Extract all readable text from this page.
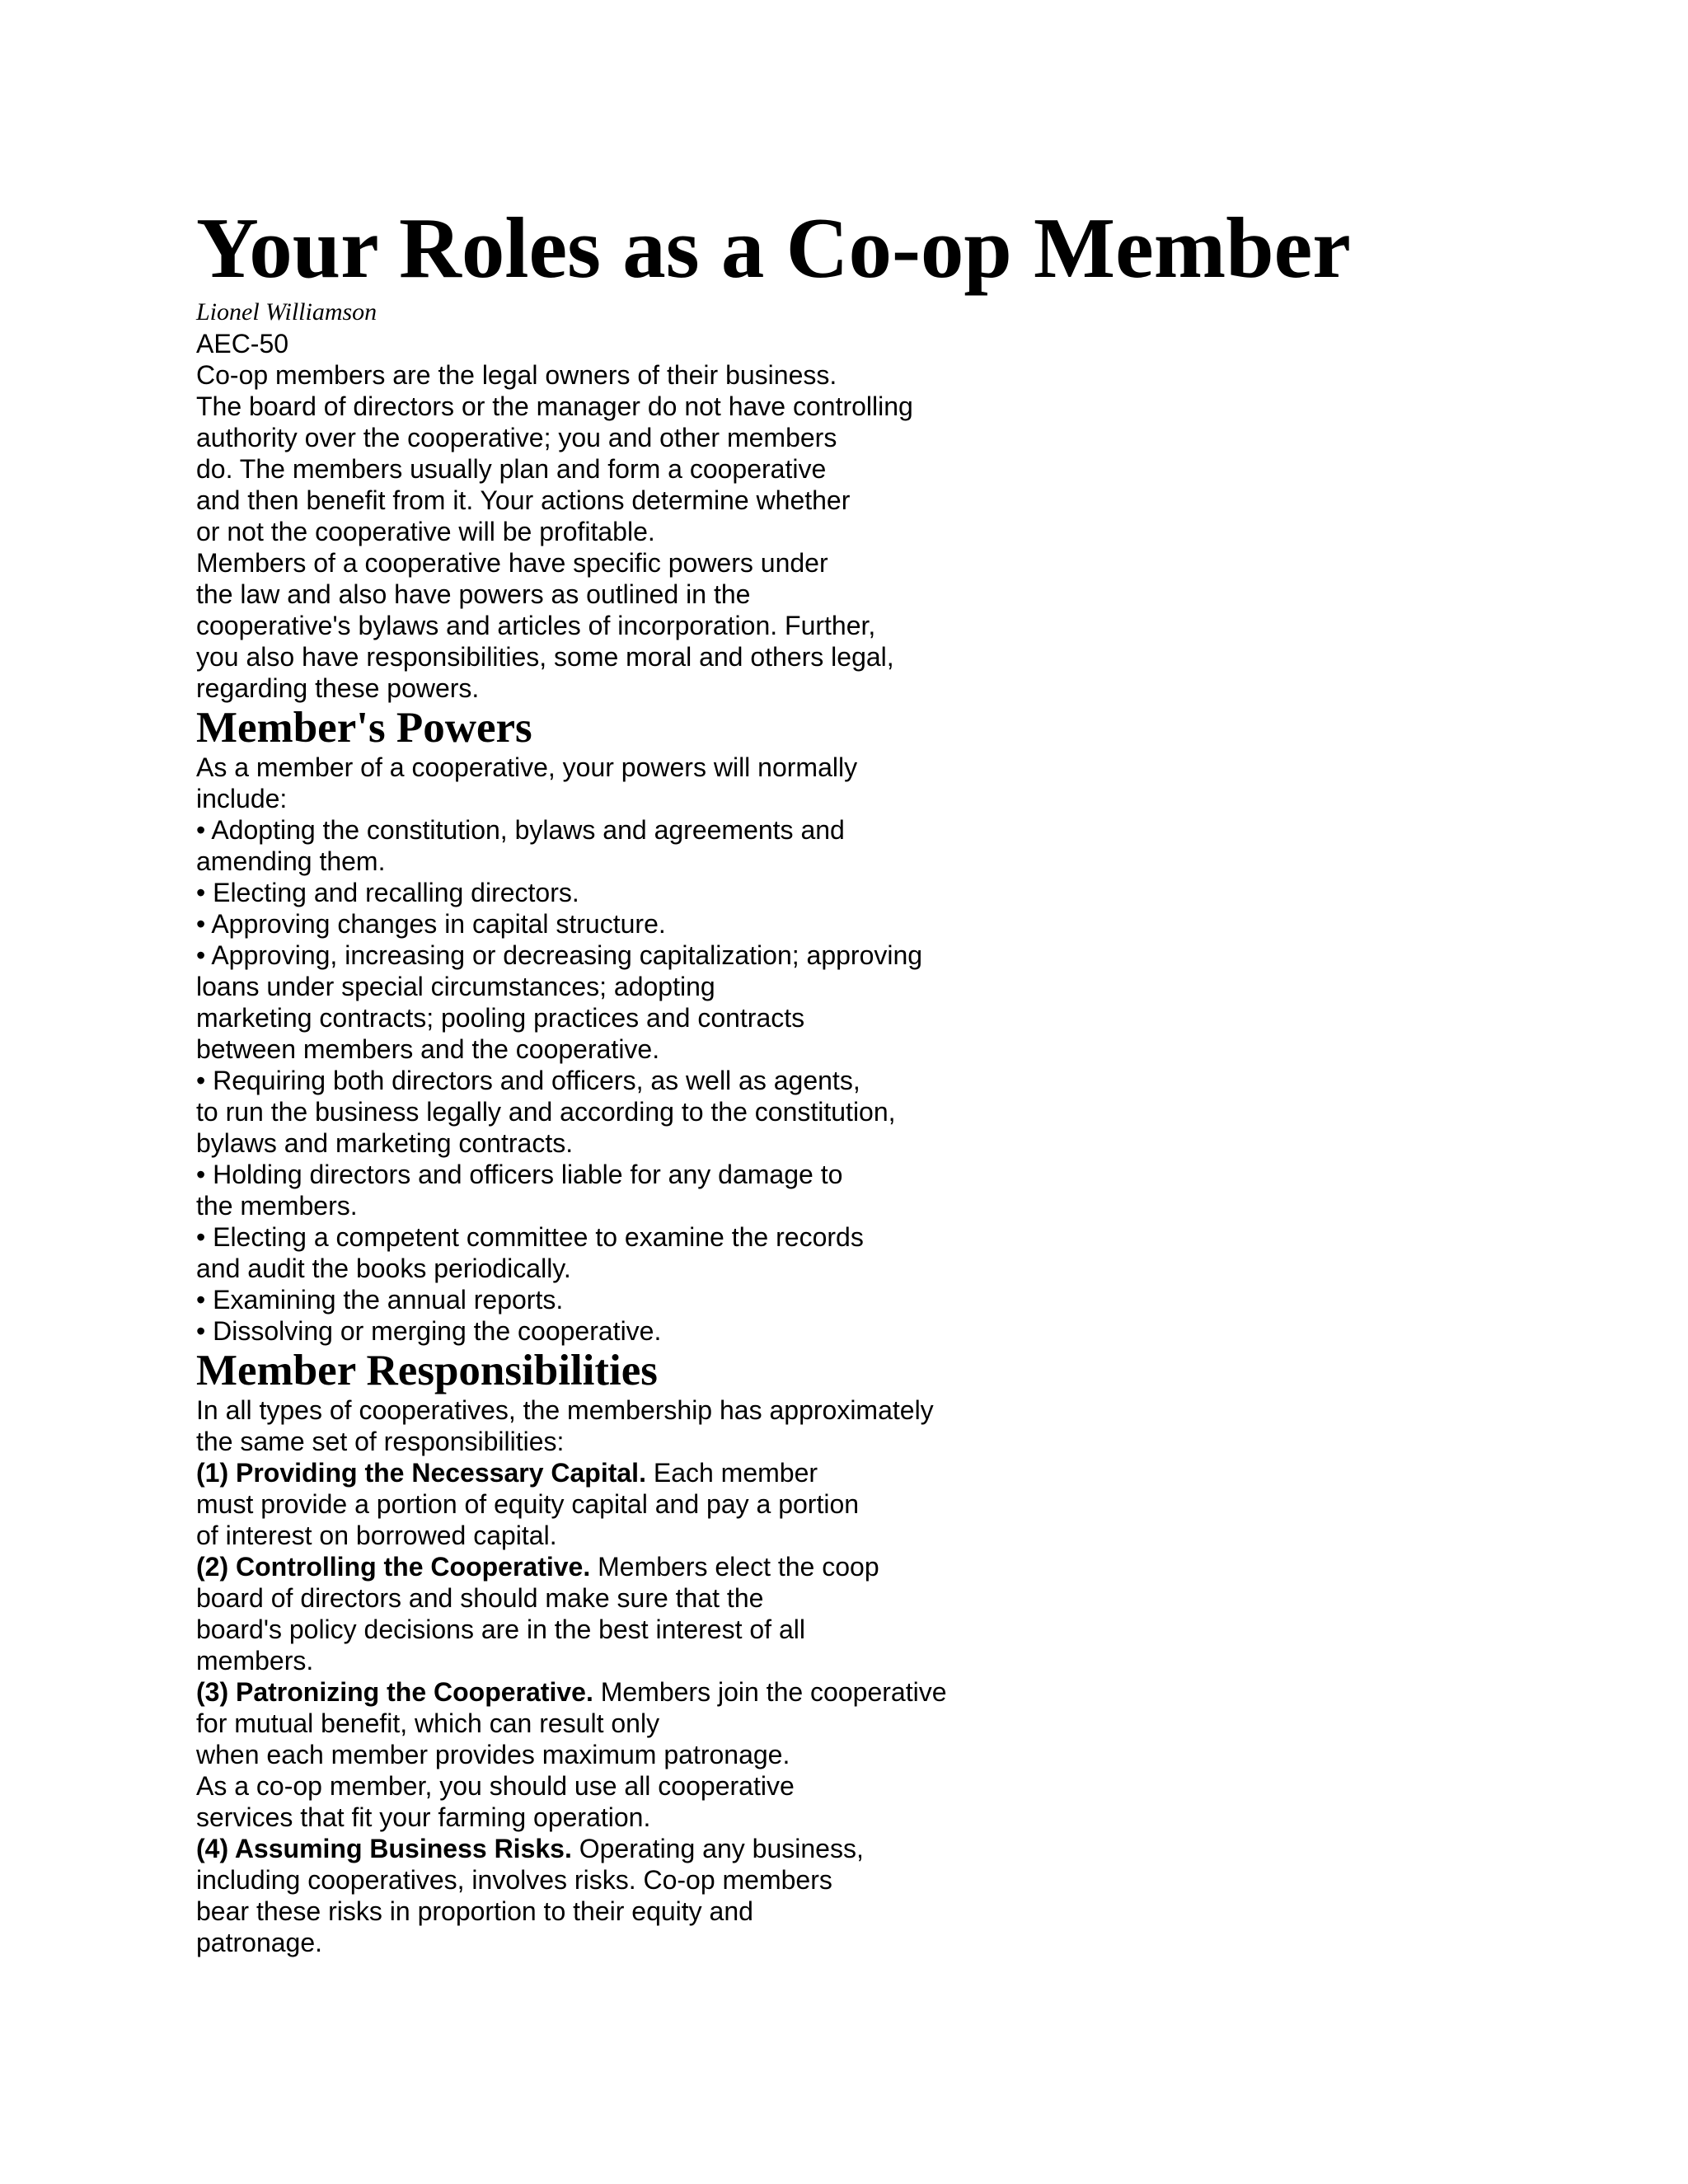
Your Roles as a Co-op Member

Lionel Williamson

AEC-50

Co-op members are the legal owners of their business.

The board of directors or the manager do not have controlling

authority over the cooperative; you and other members

do. The members usually plan and form a cooperative

and then benefit from it. Your actions determine whether

or not the cooperative will be profitable.

Members of a cooperative have specific powers under

the law and also have powers as outlined in the

cooperative's bylaws and articles of incorporation. Further,

you also have responsibilities, some moral and others legal,

regarding these powers.

Member's Powers

As a member of a cooperative, your powers will normally

include:

• Adopting the constitution, bylaws and agreements and

amending them.

• Electing and recalling directors.

• Approving changes in capital structure.

• Approving, increasing or decreasing capitalization; approving

loans under special circumstances; adopting

marketing contracts; pooling practices and contracts

between members and the cooperative.

• Requiring both directors and officers, as well as agents,

to run the business legally and according to the constitution,

bylaws and marketing contracts.

• Holding directors and officers liable for any damage to

the members.

• Electing a competent committee to examine the records

and audit the books periodically.

• Examining the annual reports.

• Dissolving or merging the cooperative.

Member Responsibilities

In all types of cooperatives, the membership has approximately

the same set of responsibilities:

(1) Providing the Necessary Capital. Each member

must provide a portion of equity capital and pay a portion

of interest on borrowed capital.

(2) Controlling the Cooperative. Members elect the coop

board of directors and should make sure that the

board's policy decisions are in the best interest of all

members.

(3) Patronizing the Cooperative. Members join the cooperative

for mutual benefit, which can result only

when each member provides maximum patronage.

As a co-op member, you should use all cooperative

services that fit your farming operation.

(4) Assuming Business Risks. Operating any business,

including cooperatives, involves risks. Co-op members

bear these risks in proportion to their equity and

patronage.
